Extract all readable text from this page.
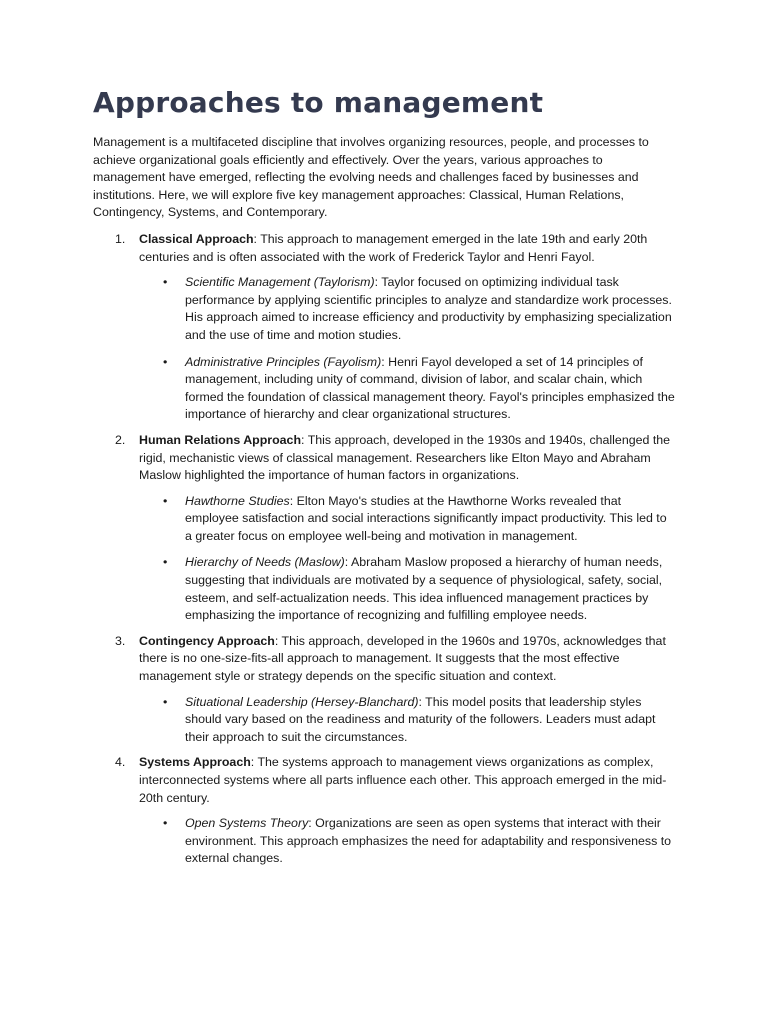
Approaches to management

Management is a multifaceted discipline that involves organizing resources, people, and processes to achieve organizational goals efficiently and effectively. Over the years, various approaches to management have emerged, reflecting the evolving needs and challenges faced by businesses and institutions. Here, we will explore five key management approaches: Classical, Human Relations, Contingency, Systems, and Contemporary.

1. Classical Approach: This approach to management emerged in the late 19th and early 20th centuries and is often associated with the work of Frederick Taylor and Henri Fayol.

• Scientific Management (Taylorism): Taylor focused on optimizing individual task performance by applying scientific principles to analyze and standardize work processes. His approach aimed to increase efficiency and productivity by emphasizing specialization and the use of time and motion studies.
• Administrative Principles (Fayolism): Henri Fayol developed a set of 14 principles of management, including unity of command, division of labor, and scalar chain, which formed the foundation of classical management theory. Fayol's principles emphasized the importance of hierarchy and clear organizational structures.
2. Human Relations Approach: This approach, developed in the 1930s and 1940s, challenged the rigid, mechanistic views of classical management. Researchers like Elton Mayo and Abraham Maslow highlighted the importance of human factors in organizations.

• Hawthorne Studies: Elton Mayo's studies at the Hawthorne Works revealed that employee satisfaction and social interactions significantly impact productivity. This led to a greater focus on employee well-being and motivation in management.
• Hierarchy of Needs (Maslow): Abraham Maslow proposed a hierarchy of human needs, suggesting that individuals are motivated by a sequence of physiological, safety, social, esteem, and self-actualization needs. This idea influenced management practices by emphasizing the importance of recognizing and fulfilling employee needs.
3. Contingency Approach: This approach, developed in the 1960s and 1970s, acknowledges that there is no one-size-fits-all approach to management. It suggests that the most effective management style or strategy depends on the specific situation and context.

• Situational Leadership (Hersey-Blanchard): This model posits that leadership styles should vary based on the readiness and maturity of the followers. Leaders must adapt their approach to suit the circumstances.
4. Systems Approach: The systems approach to management views organizations as complex, interconnected systems where all parts influence each other. This approach emerged in the mid-20th century.

• Open Systems Theory: Organizations are seen as open systems that interact with their environment. This approach emphasizes the need for adaptability and responsiveness to external changes.
